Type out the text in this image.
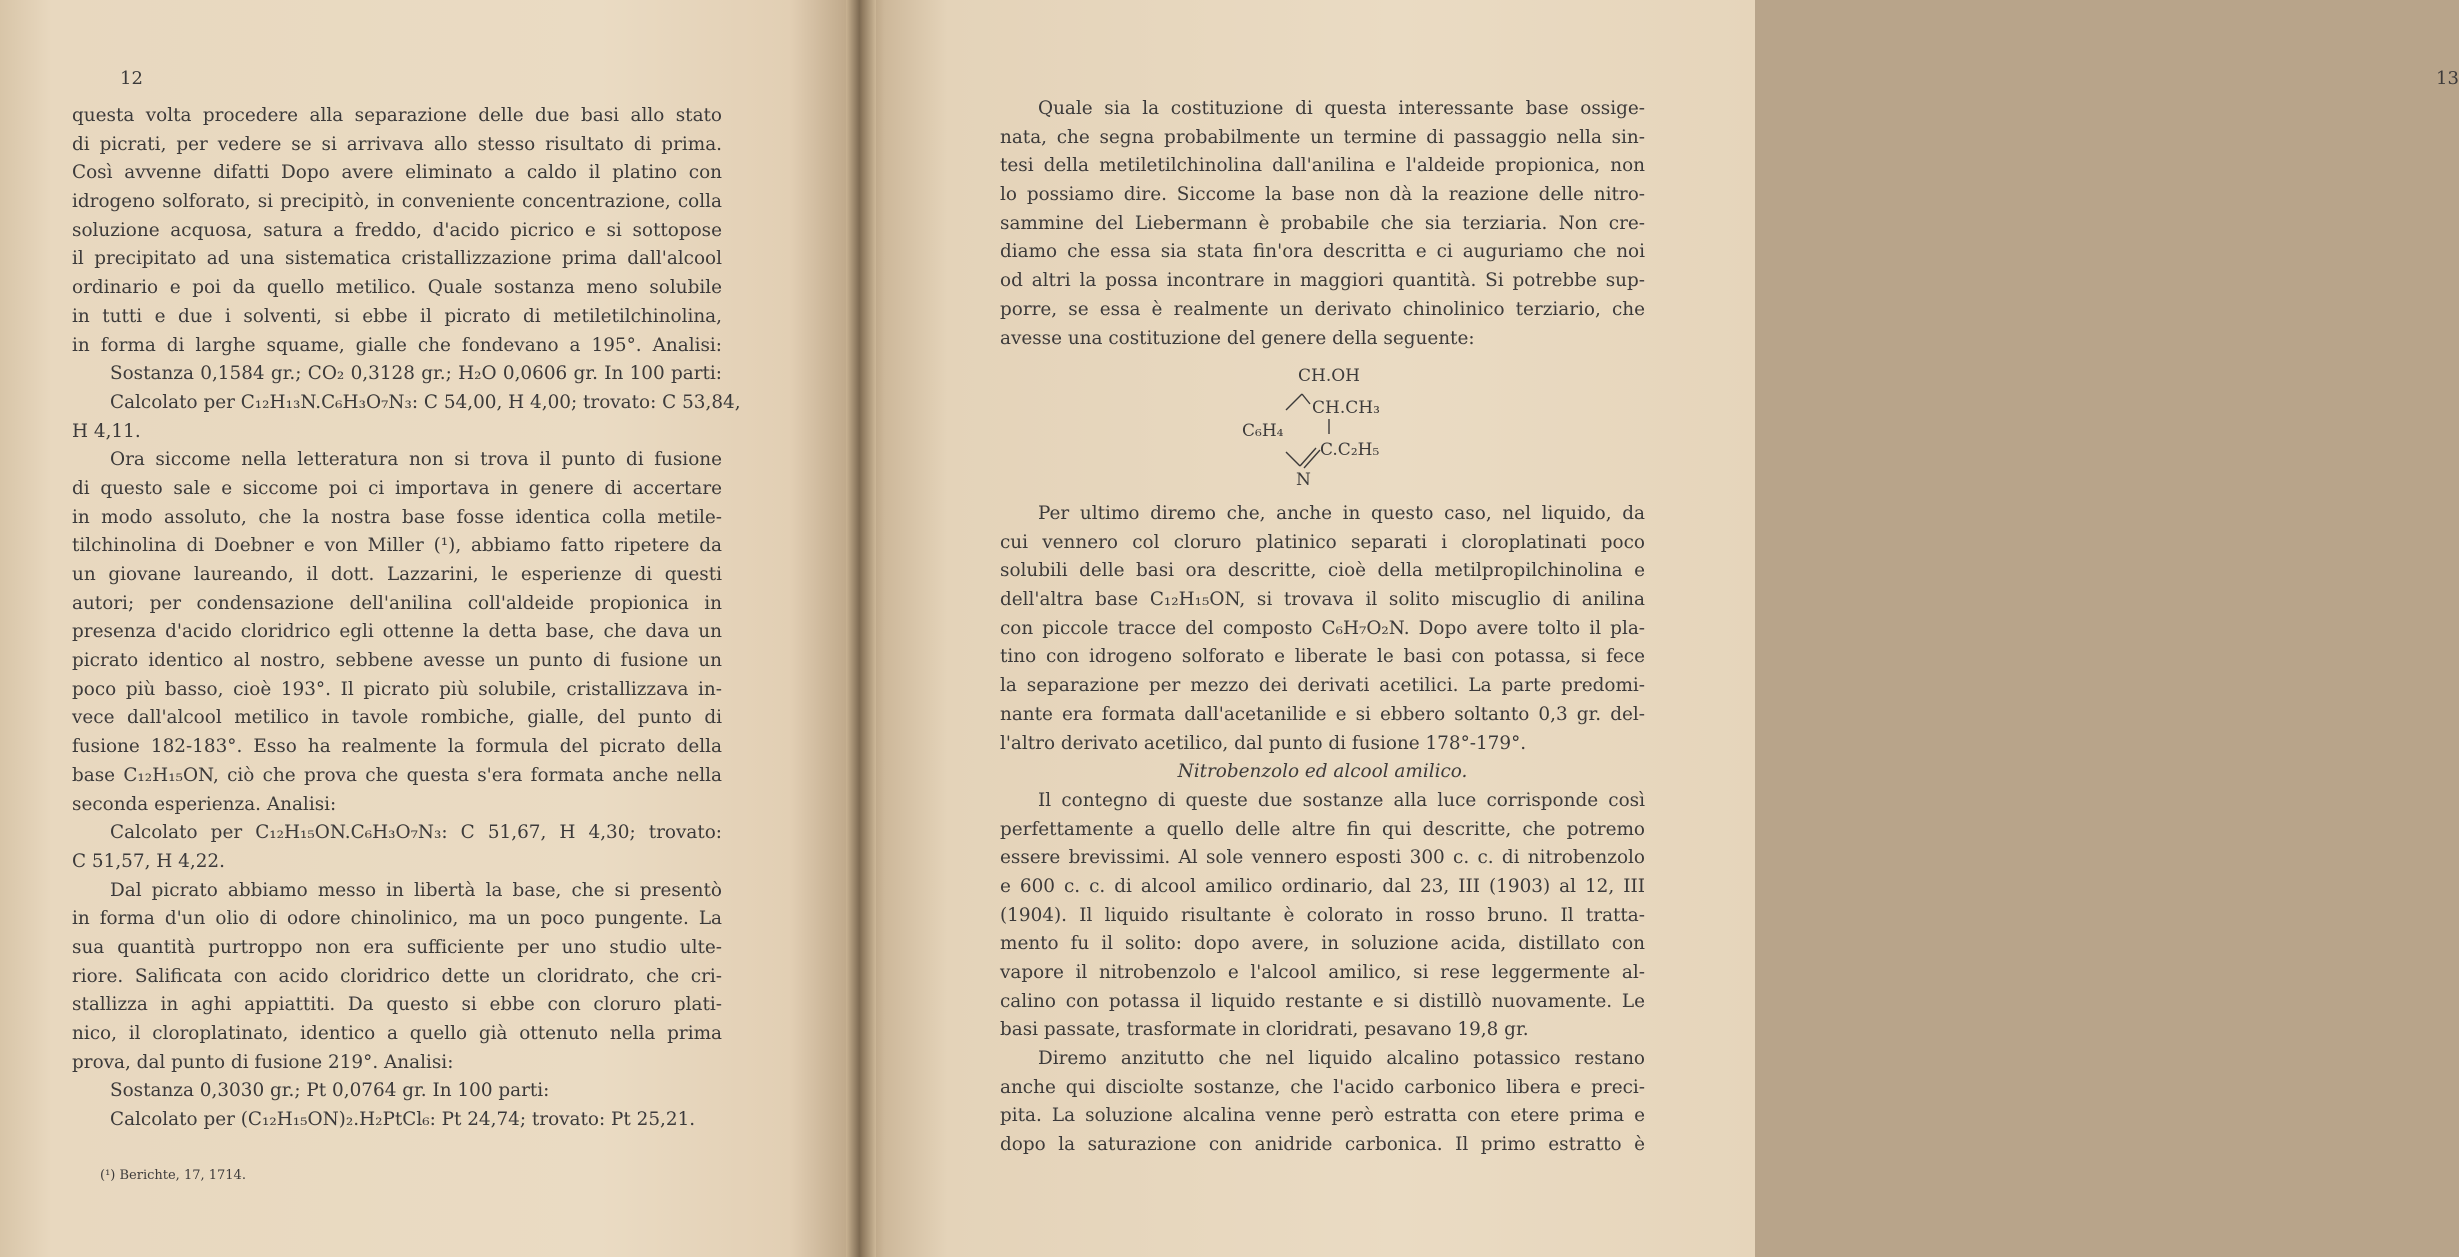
12
questa volta procedere alla separazione delle due basi allo stato
di picrati, per vedere se si arrivava allo stesso risultato di prima.
Così avvenne difatti Dopo avere eliminato a caldo il platino con
idrogeno solforato, si precipitò, in conveniente concentrazione, colla
soluzione acquosa, satura a freddo, d'acido picrico e si sottopose
il precipitato ad una sistematica cristallizzazione prima dall'alcool
ordinario e poi da quello metilico. Quale sostanza meno solubile
in tutti e due i solventi, si ebbe il picrato di metiletilchinolina,
in forma di larghe squame, gialle che fondevano a 195°. Analisi:
Sostanza 0,1584 gr.; CO₂ 0,3128 gr.; H₂O 0,0606 gr. In 100 parti:
Calcolato per C₁₂H₁₃N.C₆H₃O₇N₃: C 54,00, H 4,00; trovato: C 53,84,
H 4,11.
Ora siccome nella letteratura non si trova il punto di fusione
di questo sale e siccome poi ci importava in genere di accertare
in modo assoluto, che la nostra base fosse identica colla metile-
tilchinolina di Doebner e von Miller (¹), abbiamo fatto ripetere da
un giovane laureando, il dott. Lazzarini, le esperienze di questi
autori; per condensazione dell'anilina coll'aldeide propionica in
presenza d'acido cloridrico egli ottenne la detta base, che dava un
picrato identico al nostro, sebbene avesse un punto di fusione un
poco più basso, cioè 193°. Il picrato più solubile, cristallizzava in-
vece dall'alcool metilico in tavole rombiche, gialle, del punto di
fusione 182-183°. Esso ha realmente la formula del picrato della
base C₁₂H₁₅ON, ciò che prova che questa s'era formata anche nella
seconda esperienza. Analisi:
Calcolato per C₁₂H₁₅ON.C₆H₃O₇N₃: C 51,67, H 4,30; trovato:
C 51,57, H 4,22.
Dal picrato abbiamo messo in libertà la base, che si presentò
in forma d'un olio di odore chinolinico, ma un poco pungente. La
sua quantità purtroppo non era sufficiente per uno studio ulte-
riore. Salificata con acido cloridrico dette un cloridrato, che cri-
stallizza in aghi appiattiti. Da questo si ebbe con cloruro plati-
nico, il cloroplatinato, identico a quello già ottenuto nella prima
prova, dal punto di fusione 219°. Analisi:
Sostanza 0,3030 gr.; Pt 0,0764 gr. In 100 parti:
Calcolato per (C₁₂H₁₅ON)₂.H₂PtCl₆: Pt 24,74; trovato: Pt 25,21.
(¹) Berichte, 17, 1714.
13
Quale sia la costituzione di questa interessante base ossige-
nata, che segna probabilmente un termine di passaggio nella sin-
tesi della metiletilchinolina dall'anilina e l'aldeide propionica, non
lo possiamo dire. Siccome la base non dà la reazione delle nitro-
sammine del Liebermann è probabile che sia terziaria. Non cre-
diamo che essa sia stata fin'ora descritta e ci auguriamo che noi
od altri la possa incontrare in maggiori quantità. Si potrebbe sup-
porre, se essa è realmente un derivato chinolinico terziario, che
avesse una costituzione del genere della seguente:
CH.OH
CH.CH₃
C₆H₄
C.C₂H₅
N
Per ultimo diremo che, anche in questo caso, nel liquido, da
cui vennero col cloruro platinico separati i cloroplatinati poco
solubili delle basi ora descritte, cioè della metilpropilchinolina e
dell'altra base C₁₂H₁₅ON, si trovava il solito miscuglio di anilina
con piccole tracce del composto C₆H₇O₂N. Dopo avere tolto il pla-
tino con idrogeno solforato e liberate le basi con potassa, si fece
la separazione per mezzo dei derivati acetilici. La parte predomi-
nante era formata dall'acetanilide e si ebbero soltanto 0,3 gr. del-
l'altro derivato acetilico, dal punto di fusione 178°-179°.
Nitrobenzolo ed alcool amilico.
Il contegno di queste due sostanze alla luce corrisponde così
perfettamente a quello delle altre fin qui descritte, che potremo
essere brevissimi. Al sole vennero esposti 300 c. c. di nitrobenzolo
e 600 c. c. di alcool amilico ordinario, dal 23, III (1903) al 12, III
(1904). Il liquido risultante è colorato in rosso bruno. Il tratta-
mento fu il solito: dopo avere, in soluzione acida, distillato con
vapore il nitrobenzolo e l'alcool amilico, si rese leggermente al-
calino con potassa il liquido restante e si distillò nuovamente. Le
basi passate, trasformate in cloridrati, pesavano 19,8 gr.
Diremo anzitutto che nel liquido alcalino potassico restano
anche qui disciolte sostanze, che l'acido carbonico libera e preci-
pita. La soluzione alcalina venne però estratta con etere prima e
dopo la saturazione con anidride carbonica. Il primo estratto è
